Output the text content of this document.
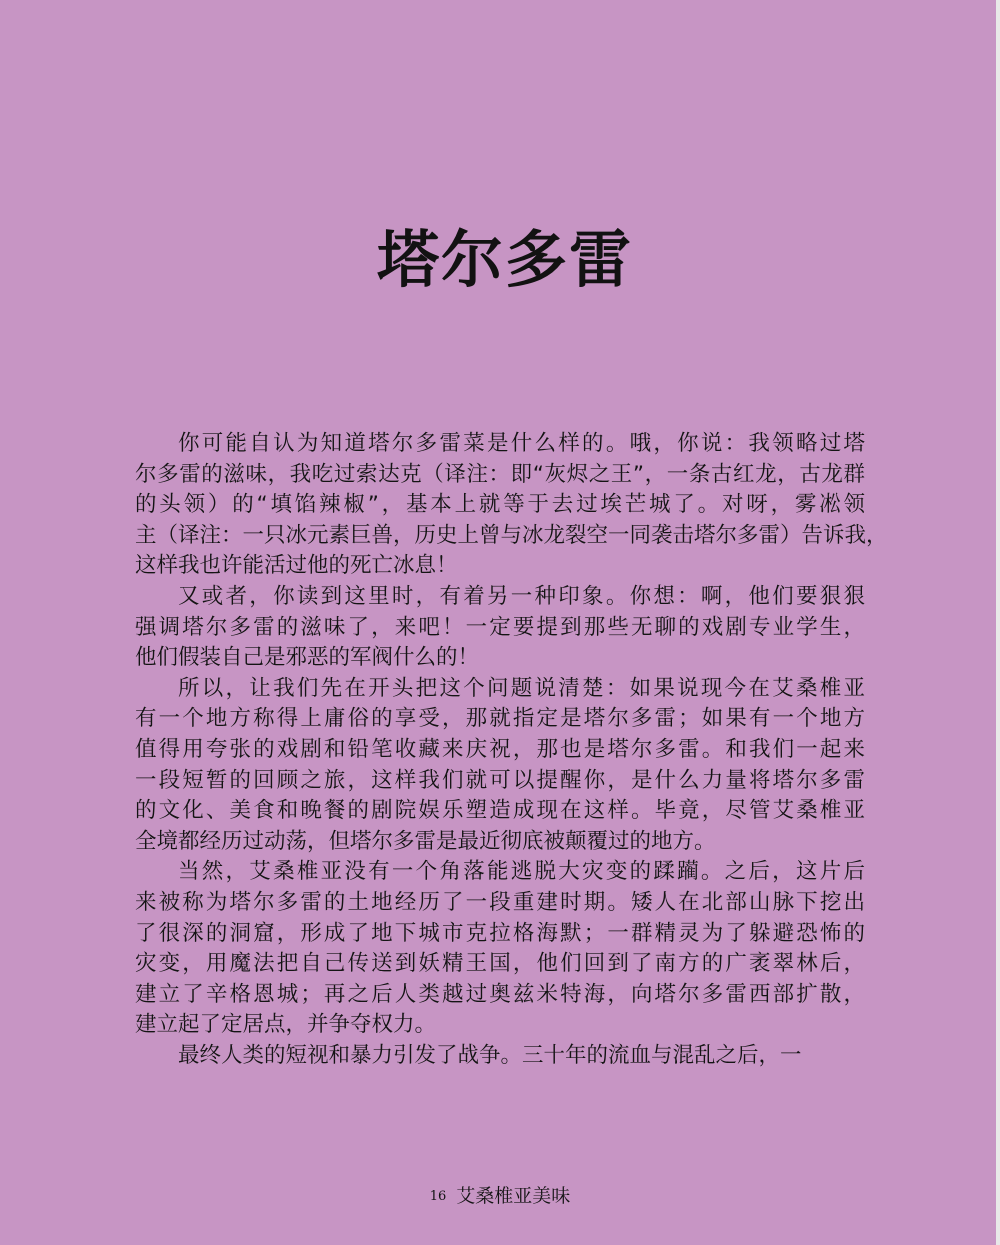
塔尔多雷
你可能自认为知道塔尔多雷菜是什么样的。哦，你说：我领略过塔
尔多雷的滋味，我吃过索达克（译注：即“灰烬之王”，一条古红龙，古龙群
的头领）的“填馅辣椒”，基本上就等于去过埃芒城了。对呀，雾凇领
主（译注：一只冰元素巨兽，历史上曾与冰龙裂空一同袭击塔尔多雷）告诉我，
这样我也许能活过他的死亡冰息！
又或者，你读到这里时，有着另一种印象。你想：啊，他们要狠狠
强调塔尔多雷的滋味了，来吧！一定要提到那些无聊的戏剧专业学生，
他们假装自己是邪恶的军阀什么的！
所以，让我们先在开头把这个问题说清楚：如果说现今在艾桑椎亚
有一个地方称得上庸俗的享受，那就指定是塔尔多雷；如果有一个地方
值得用夸张的戏剧和铅笔收藏来庆祝，那也是塔尔多雷。和我们一起来
一段短暂的回顾之旅，这样我们就可以提醒你，是什么力量将塔尔多雷
的文化、美食和晚餐的剧院娱乐塑造成现在这样。毕竟，尽管艾桑椎亚
全境都经历过动荡，但塔尔多雷是最近彻底被颠覆过的地方。
当然，艾桑椎亚没有一个角落能逃脱大灾变的蹂躏。之后，这片后
来被称为塔尔多雷的土地经历了一段重建时期。矮人在北部山脉下挖出
了很深的洞窟，形成了地下城市克拉格海默；一群精灵为了躲避恐怖的
灾变，用魔法把自己传送到妖精王国，他们回到了南方的广袤翠林后，
建立了辛格恩城；再之后人类越过奥兹米特海，向塔尔多雷西部扩散，
建立起了定居点，并争夺权力。
最终人类的短视和暴力引发了战争。三十年的流血与混乱之后，一
16 艾桑椎亚美味
